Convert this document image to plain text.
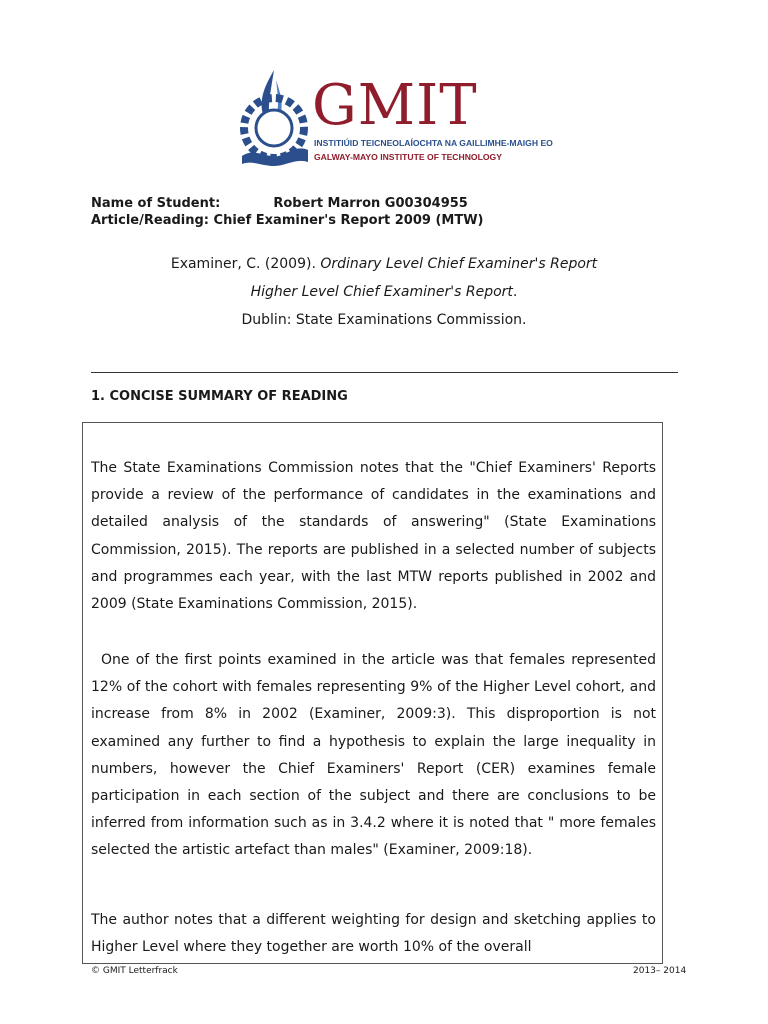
GMIT
INSTITIÚID TEICNEOLAÍOCHTA NA GAILLIMHE-MAIGH EO
GALWAY-MAYO INSTITUTE OF TECHNOLOGY
Name of Student:	Robert Marron G00304955
Article/Reading: Chief Examiner's Report 2009 (MTW)
Examiner, C. (2009). Ordinary Level Chief Examiner's Report
Higher Level Chief Examiner's Report.
Dublin: State Examinations Commission.
1. CONCISE SUMMARY OF READING

The State Examinations Commission notes that the "Chief Examiners' Reports provide a review of the performance of candidates in the examinations and detailed analysis of the standards of answering" (State Examinations Commission, 2015). The reports are published in a selected number of subjects and programmes each year, with the last MTW reports published in 2002 and 2009 (State Examinations Commission, 2015).

One of the first points examined in the article was that females represented 12% of the cohort with females representing 9% of the Higher Level cohort, and increase from 8% in 2002 (Examiner, 2009:3). This disproportion is not examined any further to find a hypothesis to explain the large inequality in numbers, however the Chief Examiners' Report (CER) examines female participation in each section of the subject and there are conclusions to be inferred from information such as in 3.4.2 where it is noted that " more females selected the artistic artefact than males" (Examiner, 2009:18).

The author notes that a different weighting for design and sketching applies to Higher Level where they together are worth 10% of the overall

© GMIT Letterfrack	2013– 2014
